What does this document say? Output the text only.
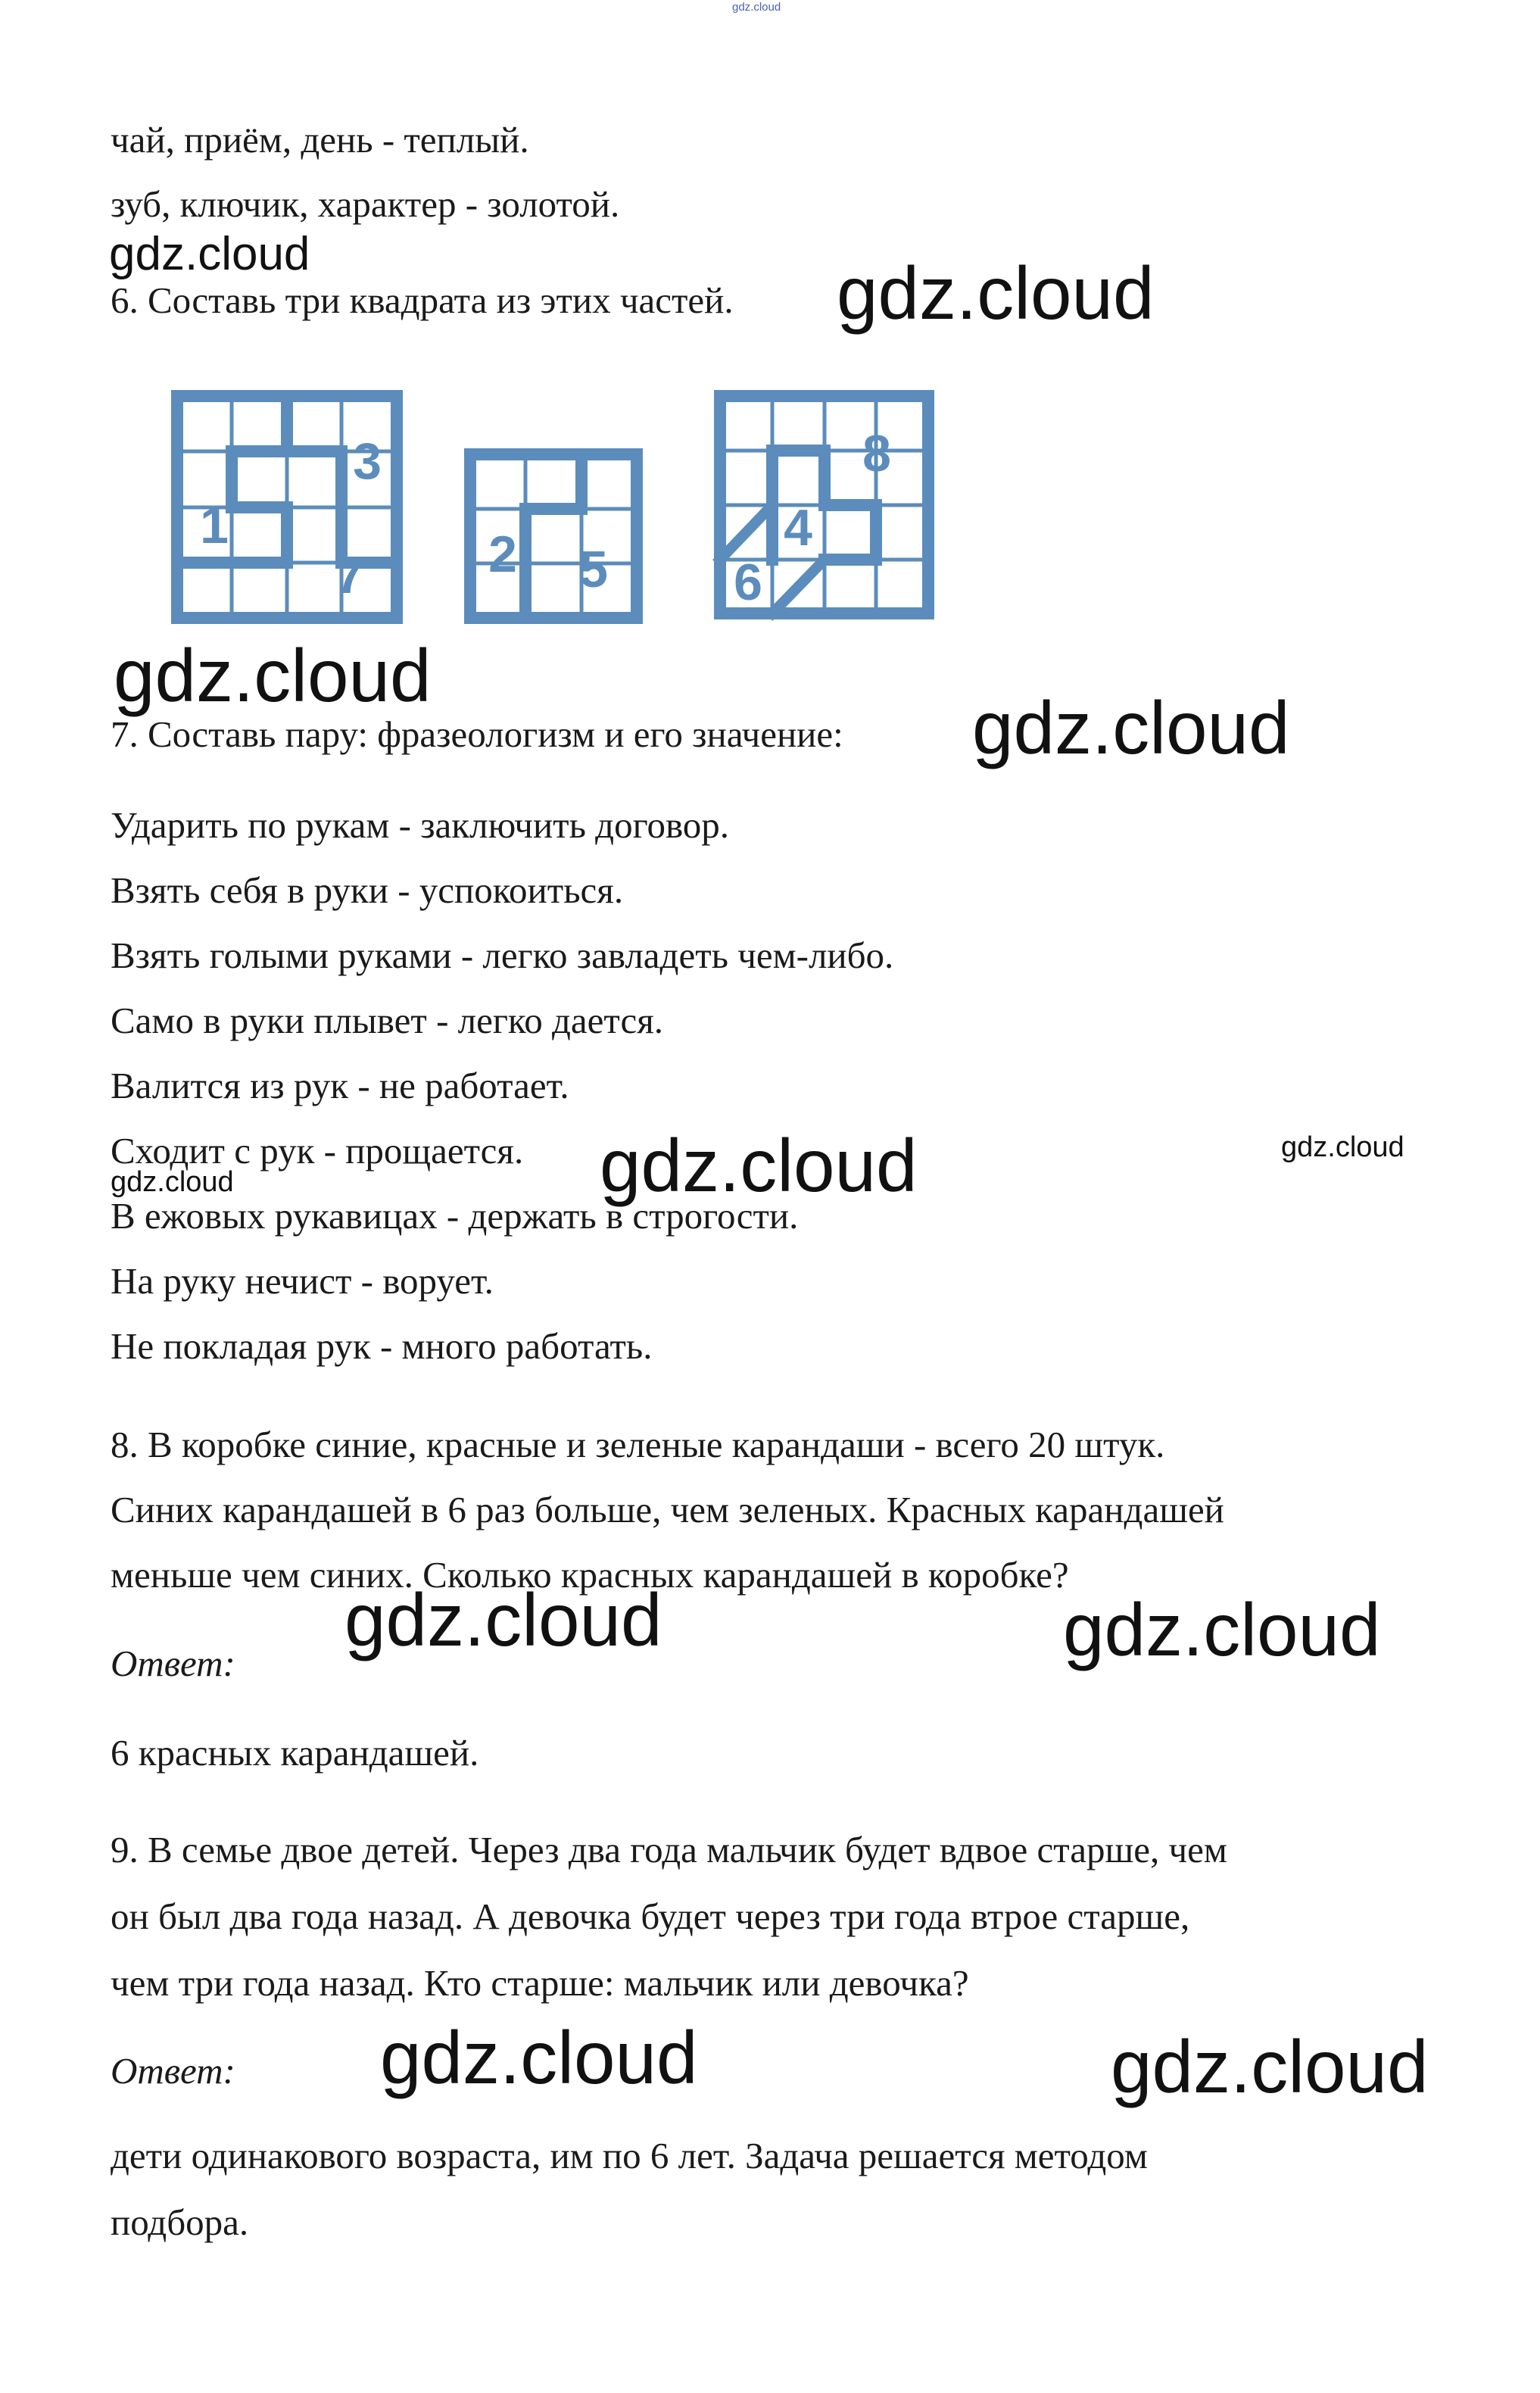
gdz.cloud
чай, приём, день - теплый.
зуб, ключик, характер - золотой.
gdz.cloud
6. Составь три квадрата из этих частей. gdz.cloud
1
3
7 2 5
8
4
6
gdz.cloud
7. Составь пару: фразеологизм и его значение: gdz.cloud
Ударить по рукам - заключить договор.
Взять себя в руки - успокоиться.
Взять голыми руками - легко завладеть чем-либо.
Само в руки плывет - легко дается.
Валится из рук - не работает.
Сходит с рук - прощается. gdz.cloud	gdz.cloud
gdz.cloud
В ежовых рукавицах - держать в строгости.
На руку нечист - ворует.
Не покладая рук - много работать.
8. В коробке синие, красные и зеленые карандаши - всего 20 штук.
Синих карандашей в 6 раз больше, чем зеленых. Красных карандашей
меньше чем синих. Сколько красных карандашей в коробке?
gdz.cloud	gdz.cloud
Ответ:
6 красных карандашей.
9. В семье двое детей. Через два года мальчик будет вдвое старше, чем
он был два года назад. А девочка будет через три года втрое старше,
чем три года назад. Кто старше: мальчик или девочка?
gdz.cloud	gdz.cloud
Ответ:
дети одинакового возраста, им по 6 лет. Задача решается методом
подбора.
